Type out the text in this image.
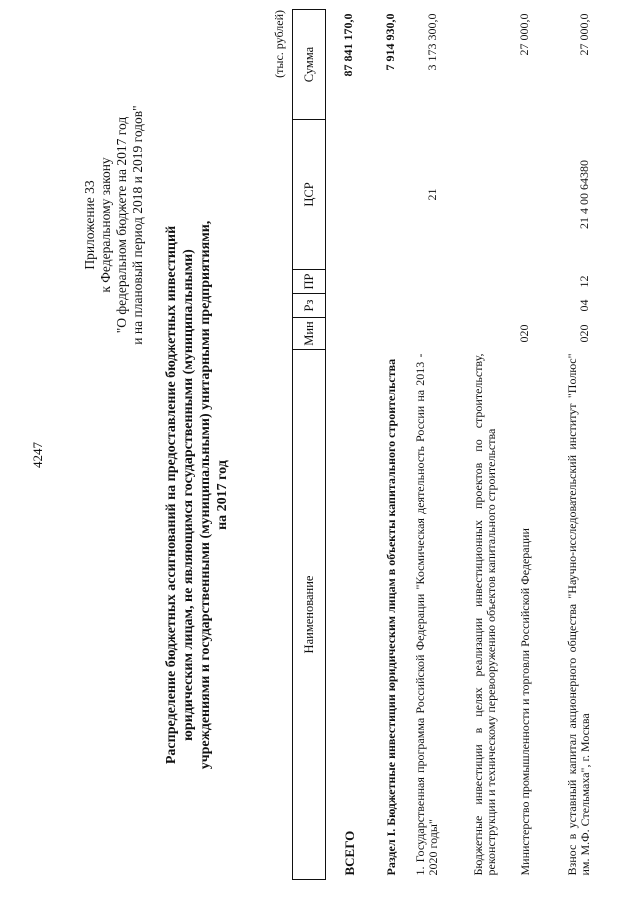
4247
Приложение 33 к Федеральному закону "О федеральном бюджете на 2017 год и на плановый период 2018 и 2019 годов"
Распределение бюджетных ассигнований на предоставление бюджетных инвестиций юридическим лицам, не являющимся государственными (муниципальными) учреждениями и государственными (муниципальными) унитарными предприятиями, на 2017 год
(тыс. рублей)
Наименование	Мин	Рз	ПР	ЦСР	Сумма
ВСЕГО					87 841 170,0
Раздел I. Бюджетные инвестиции юридическим лицам в объекты капитального строительства					7 914 930,0
1. Государственная программа Российской Федерации "Космическая деятельность России на 2013 - 2020 годы"				21	3 173 300,0
Бюджетные инвестиции в целях реализации инвестиционных проектов по строительству, реконструкции и техническому перевооружению объектов капитального строительства					
Министерство промышленности и торговли Российской Федерации	020				27 000,0
Взнос в уставный капитал акционерного общества "Научно-исследовательский институт "Полюс" им. М.Ф. Стельмаха", г. Москва	020	04	12	21 4 00 64380	27 000,0
